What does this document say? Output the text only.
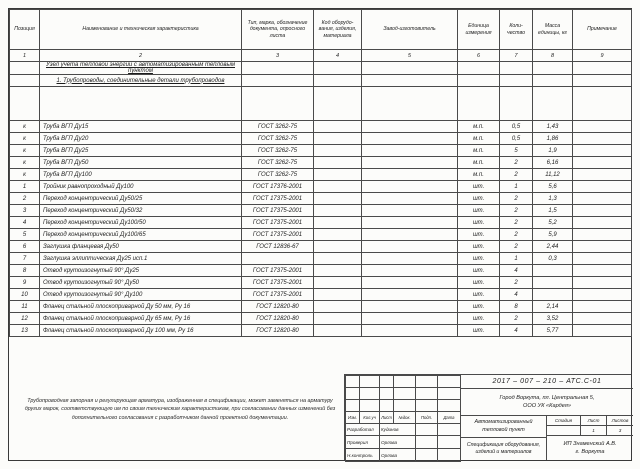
Позиция	Наименование и техническая характеристика	Тип, марка, обозначение документа, опросного листа	Код оборудо- вания, изделия, материала	Завод-изготовитель	Единица измерения	Коли- чество	Масса единицы, кг	Примечание
1	2	3	4	5	6	7	8	9
	Узел учета тепловой энергии с автоматизированным тепловым пунктом							
	1. Трубопроводы, соединительные детали трубопроводов							

к	Труба ВГП Ду15	ГОСТ 3262-75			м.п.	0,5	1,43	
к	Труба ВГП Ду20	ГОСТ 3262-75			м.п.	0,5	1,86	
к	Труба ВГП Ду25	ГОСТ 3262-75			м.п.	5	1,9	
к	Труба ВГП Ду50	ГОСТ 3262-75			м.п.	2	6,16	
к	Труба ВГП Ду100	ГОСТ 3262-75			м.п.	2	11,12	
1	Тройник равнопроходный Ду100	ГОСТ 17376-2001			шт.	1	5,6	
2	Переход концентрический Ду50/25	ГОСТ 17375-2001			шт.	2	1,3	
3	Переход концентрический Ду50/32	ГОСТ 17375-2001			шт.	2	1,5	
4	Переход концентрический Ду100/50	ГОСТ 17375-2001			шт.	2	5,2	
5	Переход концентрический Ду100/65	ГОСТ 17375-2001			шт.	2	5,9	
6	Заглушка фланцевая Ду50	ГОСТ 12836-67			шт.	2	2,44	
7	Заглушка эллиптическая Ду25 исп.1				шт.	1	0,3	
8	Отвод крутоизогнутый 90° Ду25	ГОСТ 17375-2001			шт.	4		
9	Отвод крутоизогнутый 90° Ду50	ГОСТ 17375-2001			шт.	2		
10	Отвод крутоизогнутый 90° Ду100	ГОСТ 17375-2001			шт.	4		
11	Фланец стальной плоскоприварной Ду 50 мм, Ру 16	ГОСТ 12820-80			шт.	8	2,14	
12	Фланец стальной плоскоприварной Ду 65 мм, Ру 16	ГОСТ 12820-80			шт.	2	3,52	
13	Фланец стальной плоскоприварной Ду 100 мм, Ру 16	ГОСТ 12820-80			шт.	4	5,77	
Трубопроводная запорная и регулирующая арматура, изображенная в спецификации, может заменяться на арматуру других марок, соответствующую им по своим техническим характеристикам, при согласовании данных изменений без дополнительного согласования с разработчиком данной проектной документации.

						Изм.	Кол.уч	Лист	№док.	Подп.	Дата
Разработал		Кудинов			
Проверил		Орлова			
Н.контроль		Орлова			
2017 – 007 – 210 – АТС.С-01
Город Воркута, пл. Центральная 5,
ООО УК «Кардея»
Автоматизированный тепловой пункт
Спецификация оборудования, изделий и материалов
Стадия	Лист	Листов
1	3
ИП Знаменский А.В.
г. Воркута
